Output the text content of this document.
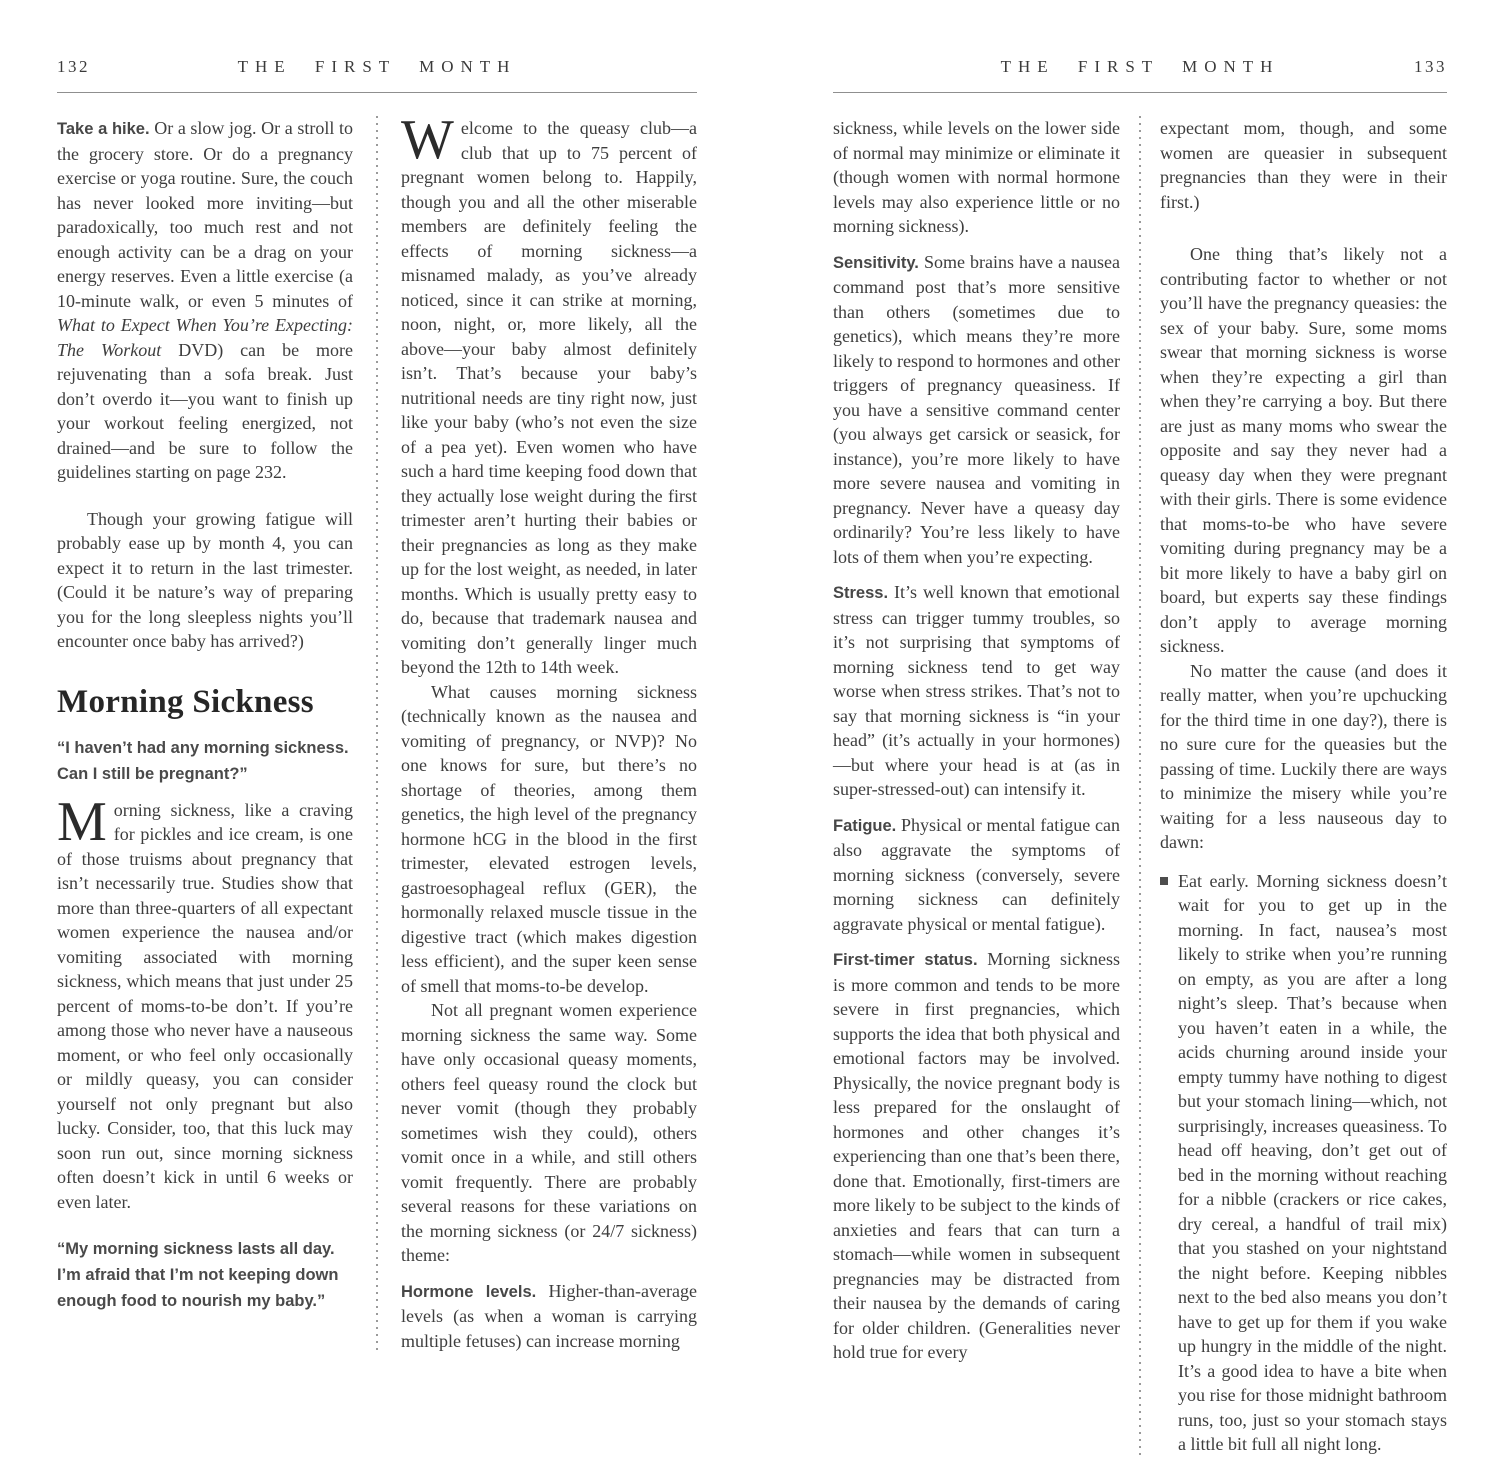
132	THE FIRST MONTH

Take a hike. Or a slow jog. Or a stroll to the grocery store. Or do a pregnancy exercise or yoga routine. Sure, the couch has never looked more inviting—but paradoxically, too much rest and not enough activity can be a drag on your energy reserves. Even a little exercise (a 10-minute walk, or even 5 minutes of What to Expect When You’re Expecting: The Workout DVD) can be more rejuvenating than a sofa break. Just don’t overdo it—you want to finish up your workout feeling energized, not drained—and be sure to follow the guidelines starting on page 232.

Though your growing fatigue will probably ease up by month 4, you can expect it to return in the last trimester. (Could it be nature’s way of preparing you for the long sleepless nights you’ll encounter once baby has arrived?)

Morning Sickness

“I haven’t had any morning sickness. Can I still be pregnant?”

Morning sickness, like a craving for pickles and ice cream, is one of those truisms about pregnancy that isn’t necessarily true. Studies show that more than three-quarters of all expectant women experience the nausea and/or vomiting associated with morning sickness, which means that just under 25 percent of moms-to-be don’t. If you’re among those who never have a nauseous moment, or who feel only occasionally or mildly queasy, you can consider yourself not only pregnant but also lucky. Consider, too, that this luck may soon run out, since morning sickness often doesn’t kick in until 6 weeks or even later.

“My morning sickness lasts all day. I’m afraid that I’m not keeping down enough food to nourish my baby.”

Welcome to the queasy club—a club that up to 75 percent of pregnant women belong to. Happily, though you and all the other miserable members are definitely feeling the effects of morning sickness—a misnamed malady, as you’ve already noticed, since it can strike at morning, noon, night, or, more likely, all the above—your baby almost definitely isn’t. That’s because your baby’s nutritional needs are tiny right now, just like your baby (who’s not even the size of a pea yet). Even women who have such a hard time keeping food down that they actually lose weight during the first trimester aren’t hurting their babies or their pregnancies as long as they make up for the lost weight, as needed, in later months. Which is usually pretty easy to do, because that trademark nausea and vomiting don’t generally linger much beyond the 12th to 14th week.

What causes morning sickness (technically known as the nausea and vomiting of pregnancy, or NVP)? No one knows for sure, but there’s no shortage of theories, among them genetics, the high level of the pregnancy hormone hCG in the blood in the first trimester, elevated estrogen levels, gastroesophageal reflux (GER), the hormonally relaxed muscle tissue in the digestive tract (which makes digestion less efficient), and the super keen sense of smell that moms-to-be develop.

Not all pregnant women experience morning sickness the same way. Some have only occasional queasy moments, others feel queasy round the clock but never vomit (though they probably sometimes wish they could), others vomit once in a while, and still others vomit frequently. There are probably several reasons for these variations on the morning sickness (or 24/7 sickness) theme:

Hormone levels. Higher-than-average levels (as when a woman is carrying multiple fetuses) can increase morning

THE FIRST MONTH	133

sickness, while levels on the lower side of normal may minimize or eliminate it (though women with normal hormone levels may also experience little or no morning sickness).

Sensitivity. Some brains have a nausea command post that’s more sensitive than others (sometimes due to genetics), which means they’re more likely to respond to hormones and other triggers of pregnancy queasiness. If you have a sensitive command center (you always get carsick or seasick, for instance), you’re more likely to have more severe nausea and vomiting in pregnancy. Never have a queasy day ordinarily? You’re less likely to have lots of them when you’re expecting.

Stress. It’s well known that emotional stress can trigger tummy troubles, so it’s not surprising that symptoms of morning sickness tend to get way worse when stress strikes. That’s not to say that morning sickness is “in your head” (it’s actually in your hormones)—but where your head is at (as in super-stressed-out) can intensify it.

Fatigue. Physical or mental fatigue can also aggravate the symptoms of morning sickness (conversely, severe morning sickness can definitely aggravate physical or mental fatigue).

First-timer status. Morning sickness is more common and tends to be more severe in first pregnancies, which supports the idea that both physical and emotional factors may be involved. Physically, the novice pregnant body is less prepared for the onslaught of hormones and other changes it’s experiencing than one that’s been there, done that. Emotionally, first-timers are more likely to be subject to the kinds of anxieties and fears that can turn a stomach—while women in subsequent pregnancies may be distracted from their nausea by the demands of caring for older children. (Generalities never hold true for every

expectant mom, though, and some women are queasier in subsequent pregnancies than they were in their first.)

One thing that’s likely not a contributing factor to whether or not you’ll have the pregnancy queasies: the sex of your baby. Sure, some moms swear that morning sickness is worse when they’re expecting a girl than when they’re carrying a boy. But there are just as many moms who swear the opposite and say they never had a queasy day when they were pregnant with their girls. There is some evidence that moms-to-be who have severe vomiting during pregnancy may be a bit more likely to have a baby girl on board, but experts say these findings don’t apply to average morning sickness.

No matter the cause (and does it really matter, when you’re upchucking for the third time in one day?), there is no sure cure for the queasies but the passing of time. Luckily there are ways to minimize the misery while you’re waiting for a less nauseous day to dawn:

Eat early. Morning sickness doesn’t wait for you to get up in the morning. In fact, nausea’s most likely to strike when you’re running on empty, as you are after a long night’s sleep. That’s because when you haven’t eaten in a while, the acids churning around inside your empty tummy have nothing to digest but your stomach lining—which, not surprisingly, increases queasiness. To head off heaving, don’t get out of bed in the morning without reaching for a nibble (crackers or rice cakes, dry cereal, a handful of trail mix) that you stashed on your nightstand the night before. Keeping nibbles next to the bed also means you don’t have to get up for them if you wake up hungry in the middle of the night. It’s a good idea to have a bite when you rise for those midnight bathroom runs, too, just so your stomach stays a little bit full all night long.
